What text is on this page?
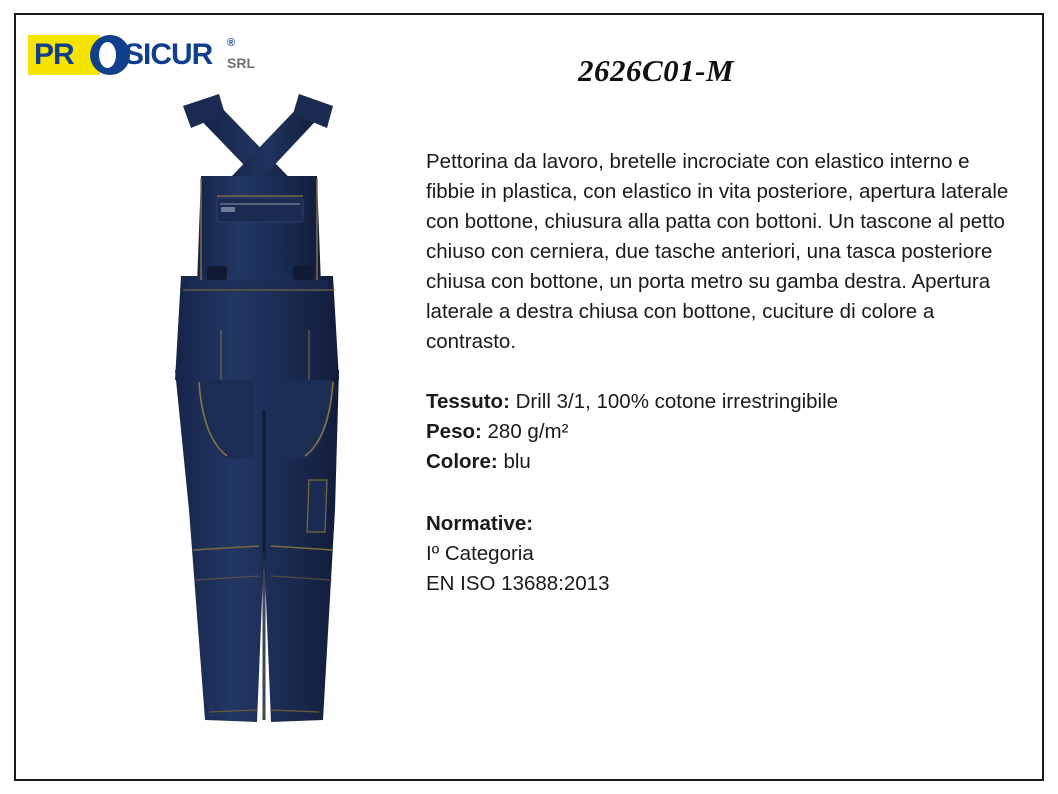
PR SICUR ®
SRL	2626C01-M

Pettorina da lavoro, bretelle incrociate con elastico interno e fibbie in plastica, con elastico in vita posteriore, apertura laterale con bottone, chiusura alla patta con bottoni. Un tascone al petto chiuso con cerniera, due tasche anteriori, una tasca posteriore chiusa con bottone, un porta metro su gamba destra. Apertura laterale a destra chiusa con bottone, cuciture di colore a contrasto.

Tessuto: Drill 3/1, 100% cotone irrestringibile
Peso: 280 g/m²
Colore: blu
Normative:
Iº Categoria
EN ISO 13688:2013
